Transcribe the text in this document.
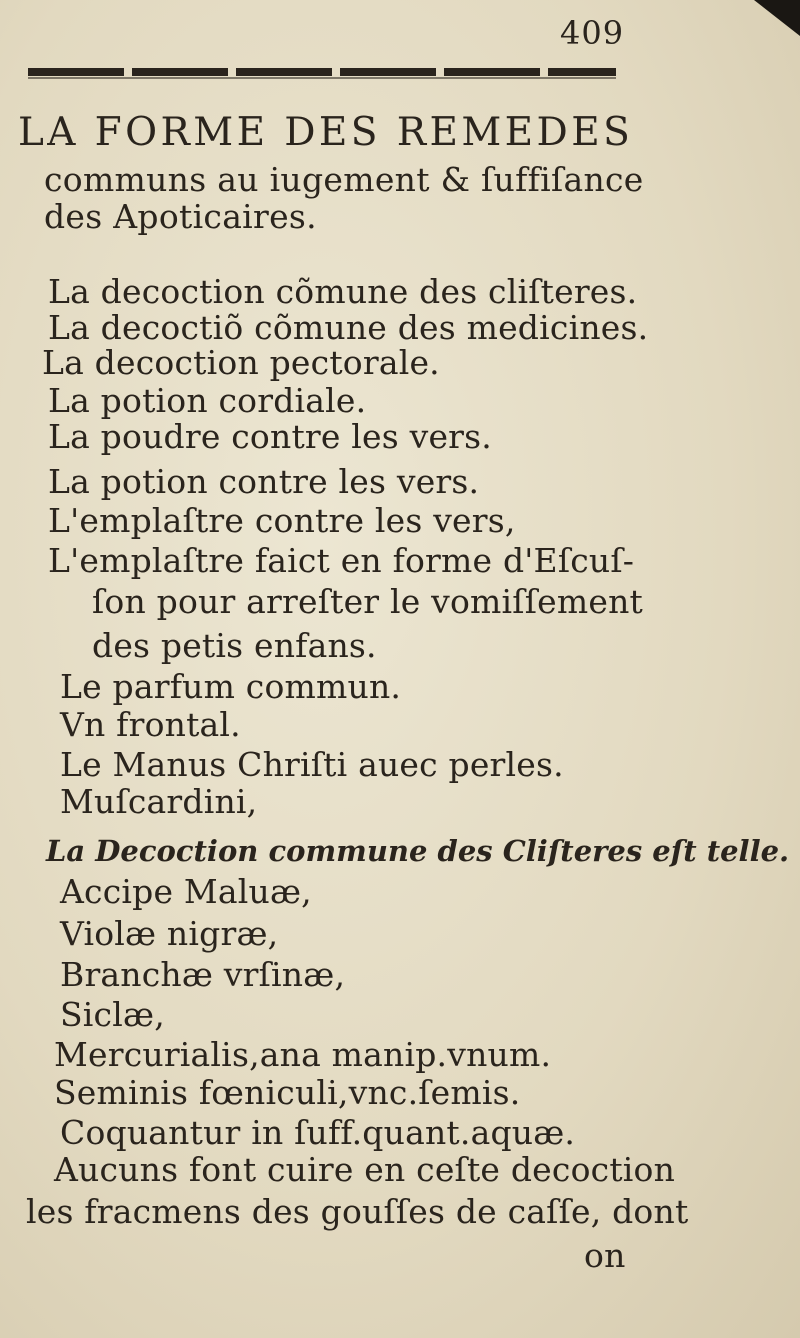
409
LA FORME DES REMEDES
communs au iugement & ſuffiſance
des Apoticaires.
La decoction cõmune des cliſteres.
La decoctiõ cõmune des medicines.
La decoction pectorale.
La potion cordiale.
La poudre contre les vers.
La potion contre les vers.
L'emplaſtre contre les vers,
L'emplaſtre faict en forme d'Eſcuſ-
ſon pour arreſter le vomiſſement
des petis enfans.
Le parfum commun.
Vn frontal.
Le Manus Chriſti auec perles.
Muſcardini,
La Decoction commune des Cliſteres eſt telle.
Accipe Maluæ,
Violæ nigræ,
Branchæ vrſinæ,
Siclæ,
Mercurialis,ana manip.vnum.
Seminis fœniculi,vnc.ſemis.
Coquantur in ſuff.quant.aquæ.
Aucuns font cuire en ceſte decoction
les fracmens des gouſſes de caſſe, dont
on
